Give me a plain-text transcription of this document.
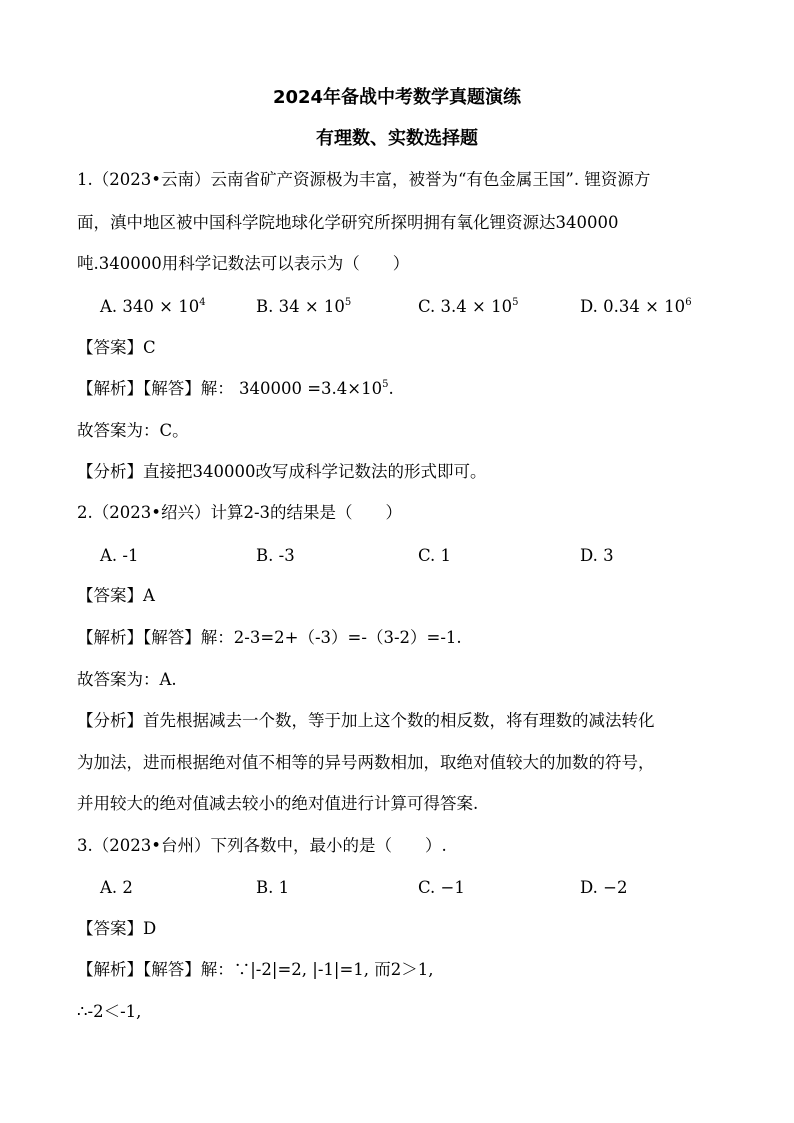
2024年备战中考数学真题演练
有理数、实数选择题
1.（2023•云南）云南省矿产资源极为丰富，被誉为“有色金属王国”. 锂资源方
面，滇中地区被中国科学院地球化学研究所探明拥有氧化锂资源达340000
吨.340000用科学记数法可以表示为（　　）
A. $340 \times 10^4$	B. $34 \times 10^5$	C. $3.4 \times 10^5$	D. $0.34 \times 10^6$
【答案】C
【解析】【解答】解： $340000 =3.4\times 10^5$.
故答案为：C。
【分析】直接把340000改写成科学记数法的形式即可。
2.（2023•绍兴）计算2-3的结果是（　　）
A. -1	B. -3	C. 1	D. 3
【答案】A
【解析】【解答】解：2-3=2+（-3）=-（3-2）=-1.
故答案为：A.
【分析】首先根据减去一个数，等于加上这个数的相反数，将有理数的减法转化
为加法，进而根据绝对值不相等的异号两数相加，取绝对值较大的加数的符号，
并用较大的绝对值减去较小的绝对值进行计算可得答案.
3.（2023•台州）下列各数中，最小的是（　　）.
A. 2	B. 1	C. −1	D. −2
【答案】D
【解析】【解答】解：∵|-2|=2, |-1|=1, 而2＞1,
∴-2＜-1,
